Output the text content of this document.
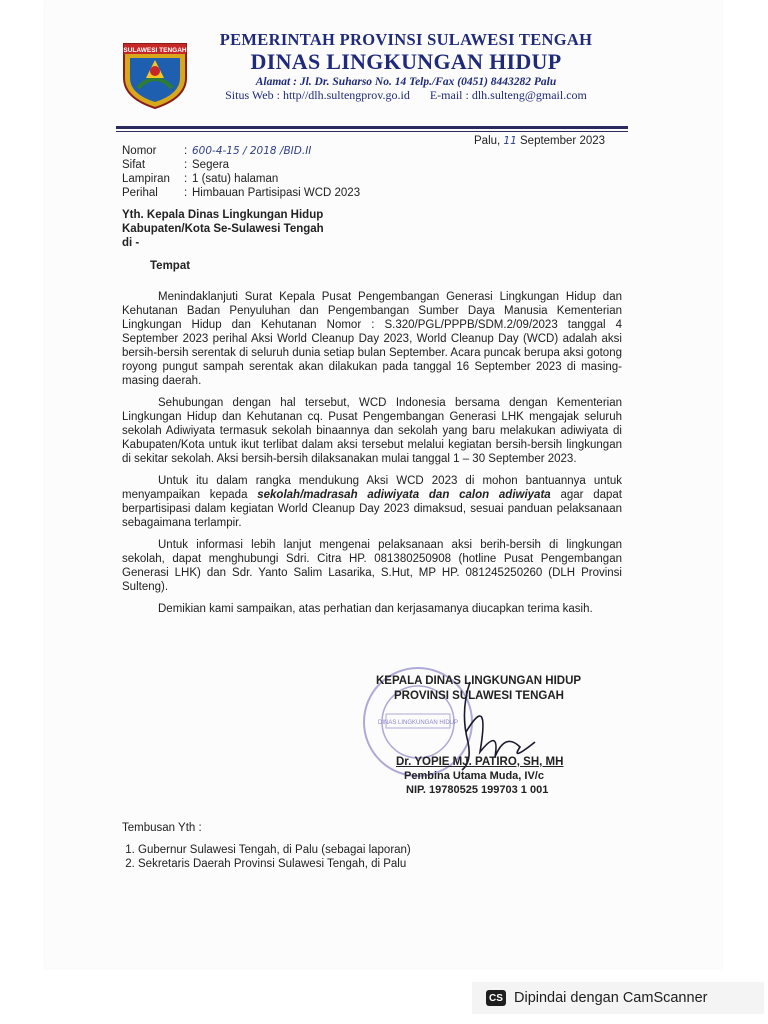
SULAWESI TENGAH
PEMERINTAH PROVINSI SULAWESI TENGAH
DINAS LINGKUNGAN HIDUP
Alamat : Jl. Dr. Suharso No. 14 Telp./Fax (0451) 8443282 Palu
Situs Web : http//dlh.sultengprov.go.id E-mail : dlh.sulteng@gmail.com
Nomor	: 600-4-15 / 2018 /BID.II
Sifat	: Segera
Lampiran	: 1 (satu) halaman
Perihal	: Himbauan Partisipasi WCD 2023
Palu, 11 September 2023
Yth. Kepala Dinas Lingkungan Hidup
Kabupaten/Kota Se-Sulawesi Tengah
di -
Tempat

Menindaklanjuti Surat Kepala Pusat Pengembangan Generasi Lingkungan Hidup dan Kehutanan Badan Penyuluhan dan Pengembangan Sumber Daya Manusia Kementerian Lingkungan Hidup dan Kehutanan Nomor : S.320/PGL/PPPB/SDM.2/09/2023 tanggal 4 September 2023 perihal Aksi World Cleanup Day 2023, World Cleanup Day (WCD) adalah aksi bersih-bersih serentak di seluruh dunia setiap bulan September. Acara puncak berupa aksi gotong royong pungut sampah serentak akan dilakukan pada tanggal 16 September 2023 di masing-masing daerah.

Sehubungan dengan hal tersebut, WCD Indonesia bersama dengan Kementerian Lingkungan Hidup dan Kehutanan cq. Pusat Pengembangan Generasi LHK mengajak seluruh sekolah Adiwiyata termasuk sekolah binaannya dan sekolah yang baru melakukan adiwiyata di Kabupaten/Kota untuk ikut terlibat dalam aksi tersebut melalui kegiatan bersih-bersih lingkungan di sekitar sekolah. Aksi bersih-bersih dilaksanakan mulai tanggal 1 – 30 September 2023.

Untuk itu dalam rangka mendukung Aksi WCD 2023 di mohon bantuannya untuk menyampaikan kepada sekolah/madrasah adiwiyata dan calon adiwiyata agar dapat berpartisipasi dalam kegiatan World Cleanup Day 2023 dimaksud, sesuai panduan pelaksanaan sebagaimana terlampir.

Untuk informasi lebih lanjut mengenai pelaksanaan aksi berih-bersih di lingkungan sekolah, dapat menghubungi Sdri. Citra HP. 081380250908 (hotline Pusat Pengembangan Generasi LHK) dan Sdr. Yanto Salim Lasarika, S.Hut, MP HP. 081245250260 (DLH Provinsi Sulteng).

Demikian kami sampaikan, atas perhatian dan kerjasamanya diucapkan terima kasih.

DINAS LINGKUNGAN HIDUP
KEPALA DINAS LINGKUNGAN HIDUP
PROVINSI SULAWESI TENGAH
Dr. YOPIE MJ. PATIRO, SH, MH
Pembina Utama Muda, IV/c
NIP. 19780525 199703 1 001
Tembusan Yth :
1. Gubernur Sulawesi Tengah, di Palu (sebagai laporan)
2. Sekretaris Daerah Provinsi Sulawesi Tengah, di Palu
CS Dipindai dengan CamScanner
